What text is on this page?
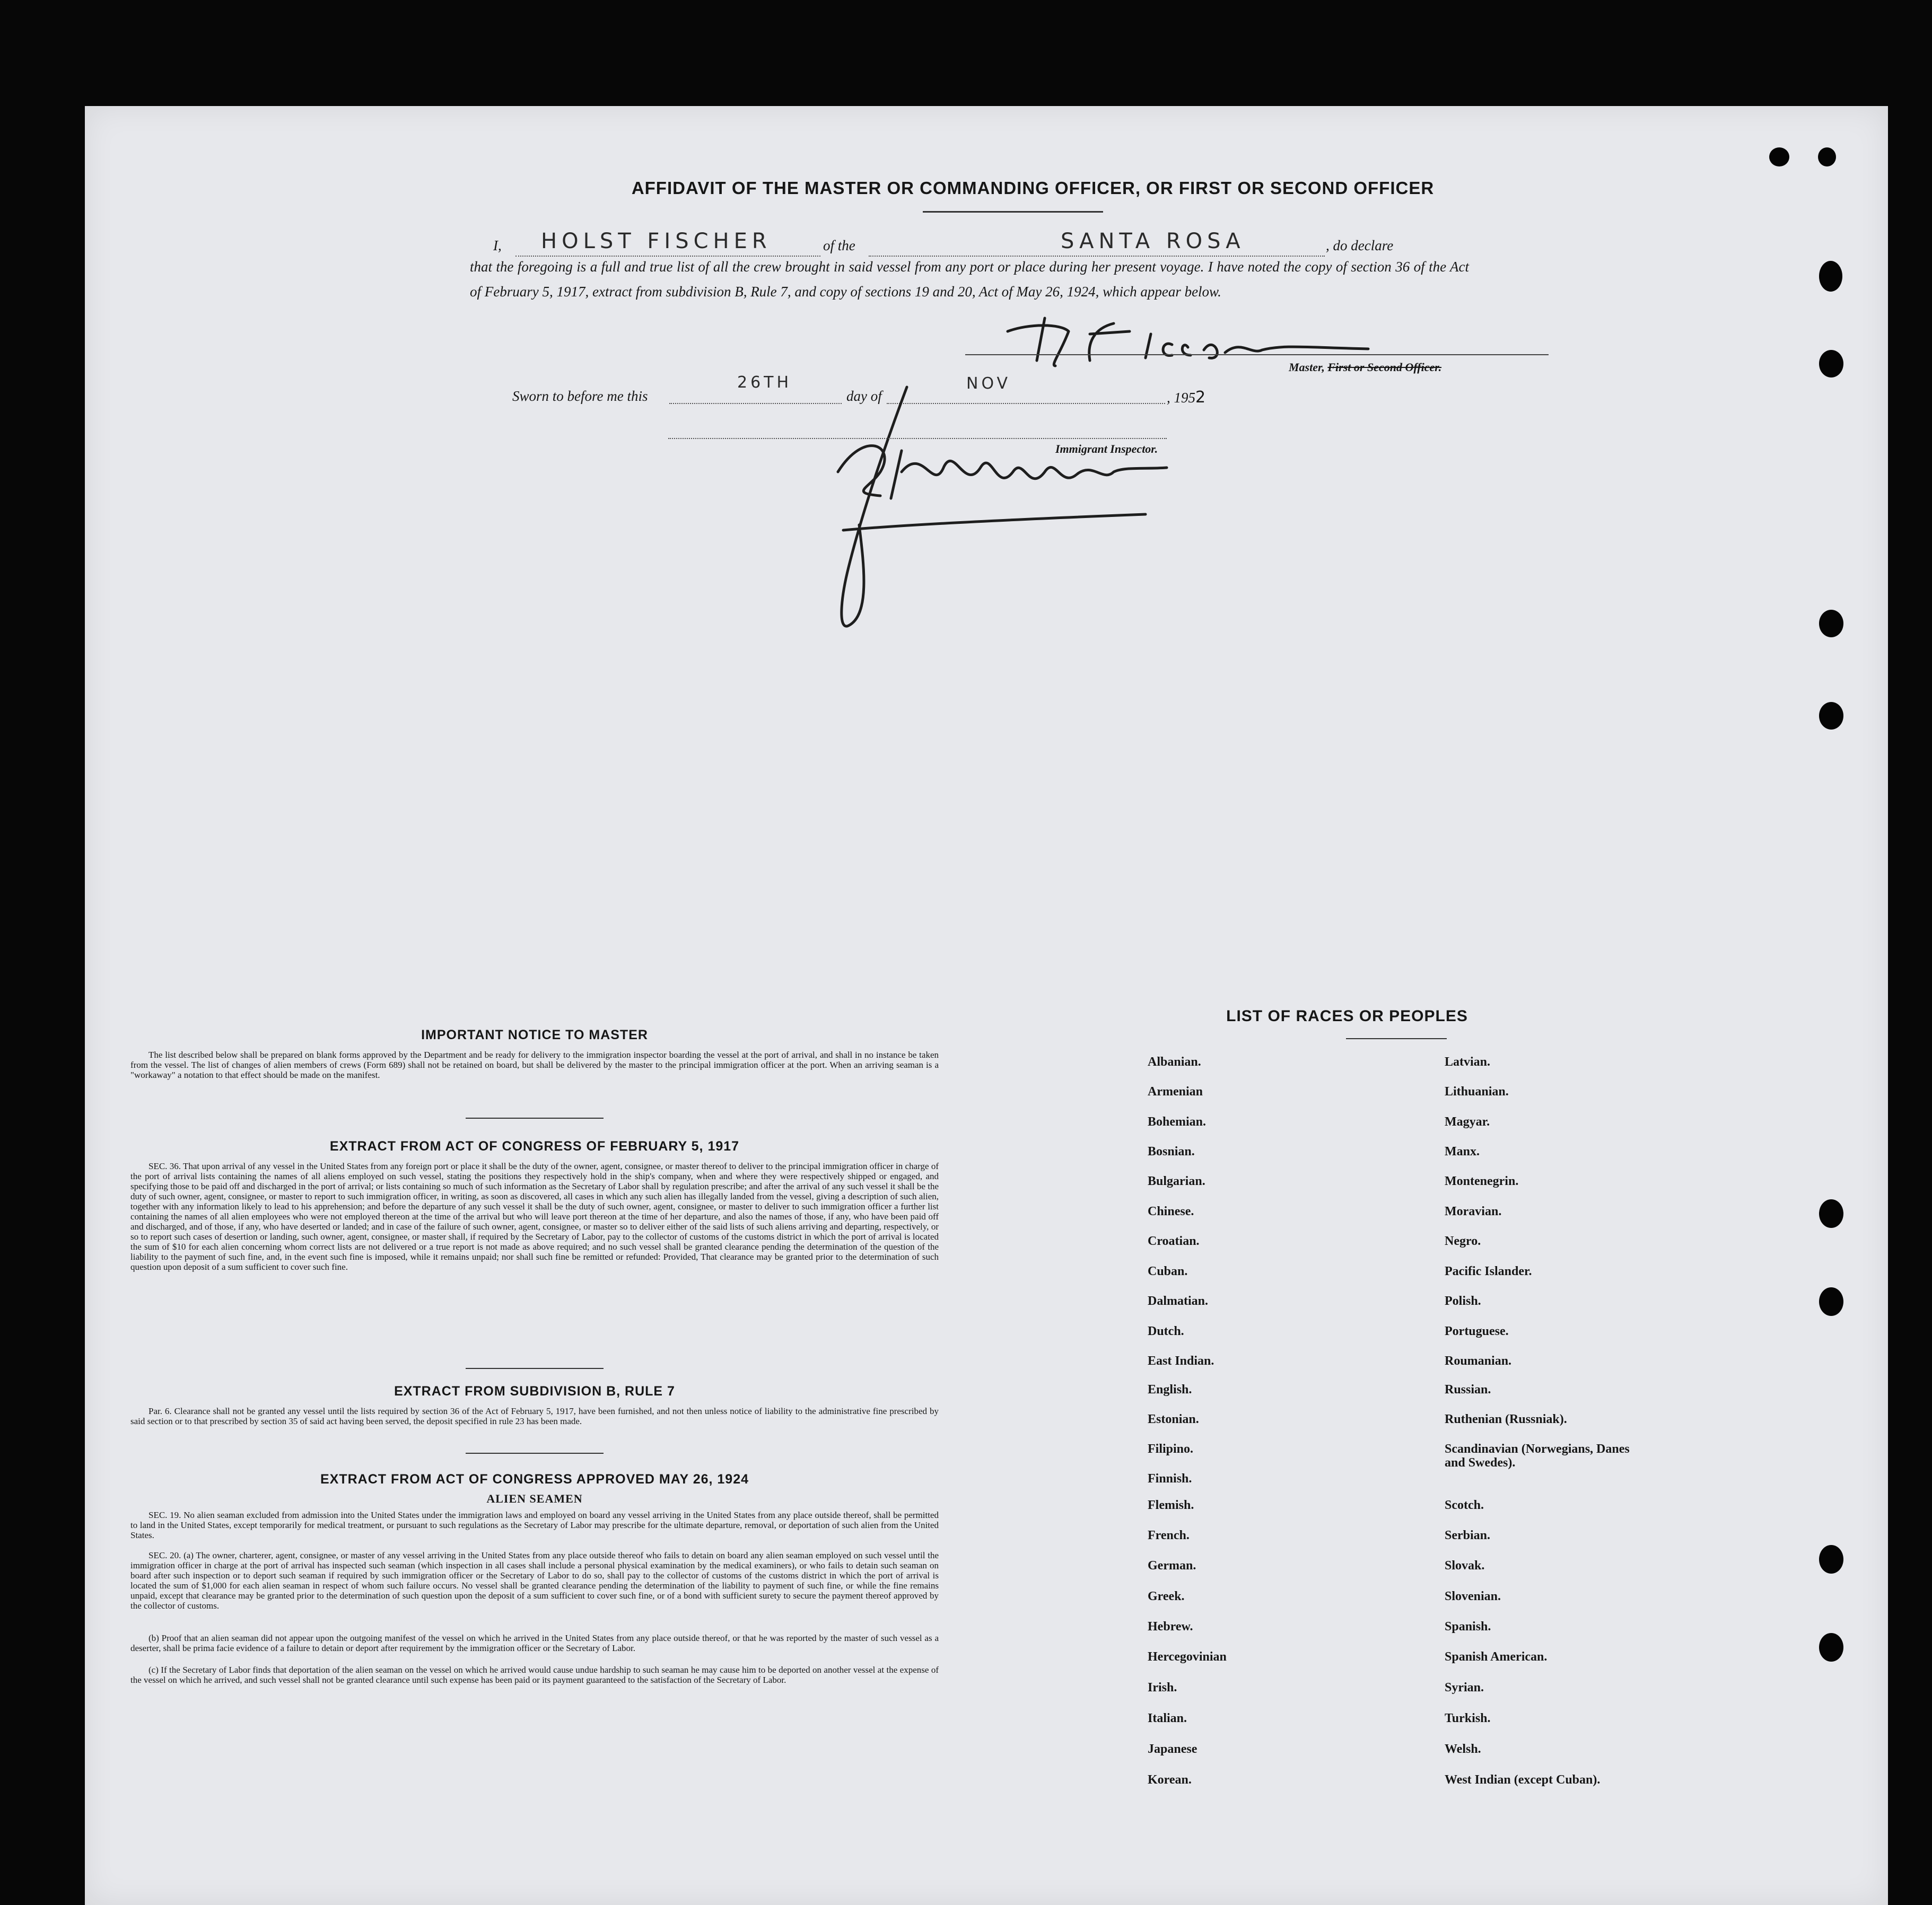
AFFIDAVIT OF THE MASTER OR COMMANDING OFFICER, OR FIRST OR SECOND OFFICER
I, HOLST FISCHER	of the	SANTA ROSA	, do declare
that the foregoing is a full and true list of all the crew brought in said vessel from any port or place during her present voyage. I have noted the copy of section 36 of the Act of February 5, 1917, extract from subdivision B, Rule 7, and copy of sections 19 and 20, Act of May 26, 1924, which appear below.
Master, First or Second Officer.
Sworn to before me this
26TH
day of
NOV
, 1952
Immigrant Inspector.
IMPORTANT NOTICE TO MASTER

The list described below shall be prepared on blank forms approved by the Department and be ready for delivery to the immigration inspector boarding the vessel at the port of arrival, and shall in no instance be taken from the vessel. The list of changes of alien members of crews (Form 689) shall not be retained on board, but shall be delivered by the master to the principal immigration officer at the port. When an arriving seaman is a "workaway" a notation to that effect should be made on the manifest.

EXTRACT FROM ACT OF CONGRESS OF FEBRUARY 5, 1917

SEC. 36. That upon arrival of any vessel in the United States from any foreign port or place it shall be the duty of the owner, agent, consignee, or master thereof to deliver to the principal immigration officer in charge of the port of arrival lists containing the names of all aliens employed on such vessel, stating the positions they respectively hold in the ship's company, when and where they were respectively shipped or engaged, and specifying those to be paid off and discharged in the port of arrival; or lists containing so much of such information as the Secretary of Labor shall by regulation prescribe; and after the arrival of any such vessel it shall be the duty of such owner, agent, consignee, or master to report to such immigration officer, in writing, as soon as discovered, all cases in which any such alien has illegally landed from the vessel, giving a description of such alien, together with any information likely to lead to his apprehension; and before the departure of any such vessel it shall be the duty of such owner, agent, consignee, or master to deliver to such immigration officer a further list containing the names of all alien employees who were not employed thereon at the time of the arrival but who will leave port thereon at the time of her departure, and also the names of those, if any, who have been paid off and discharged, and of those, if any, who have deserted or landed; and in case of the failure of such owner, agent, consignee, or master so to deliver either of the said lists of such aliens arriving and departing, respectively, or so to report such cases of desertion or landing, such owner, agent, consignee, or master shall, if required by the Secretary of Labor, pay to the collector of customs of the customs district in which the port of arrival is located the sum of $10 for each alien concerning whom correct lists are not delivered or a true report is not made as above required; and no such vessel shall be granted clearance pending the determination of the question of the liability to the payment of such fine, and, in the event such fine is imposed, while it remains unpaid; nor shall such fine be remitted or refunded: Provided, That clearance may be granted prior to the determination of such question upon deposit of a sum sufficient to cover such fine.

EXTRACT FROM SUBDIVISION B, RULE 7

Par. 6. Clearance shall not be granted any vessel until the lists required by section 36 of the Act of February 5, 1917, have been furnished, and not then unless notice of liability to the administrative fine prescribed by said section or to that prescribed by section 35 of said act having been served, the deposit specified in rule 23 has been made.

EXTRACT FROM ACT OF CONGRESS APPROVED MAY 26, 1924
ALIEN SEAMEN

SEC. 19. No alien seaman excluded from admission into the United States under the immigration laws and employed on board any vessel arriving in the United States from any place outside thereof, shall be permitted to land in the United States, except temporarily for medical treatment, or pursuant to such regulations as the Secretary of Labor may prescribe for the ultimate departure, removal, or deportation of such alien from the United States.

SEC. 20. (a) The owner, charterer, agent, consignee, or master of any vessel arriving in the United States from any place outside thereof who fails to detain on board any alien seaman employed on such vessel until the immigration officer in charge at the port of arrival has inspected such seaman (which inspection in all cases shall include a personal physical examination by the medical examiners), or who fails to detain such seaman on board after such inspection or to deport such seaman if required by such immigration officer or the Secretary of Labor to do so, shall pay to the collector of customs of the customs district in which the port of arrival is located the sum of $1,000 for each alien seaman in respect of whom such failure occurs. No vessel shall be granted clearance pending the determination of the liability to payment of such fine, or while the fine remains unpaid, except that clearance may be granted prior to the determination of such question upon the deposit of a sum sufficient to cover such fine, or of a bond with sufficient surety to secure the payment thereof approved by the collector of customs.

(b) Proof that an alien seaman did not appear upon the outgoing manifest of the vessel on which he arrived in the United States from any place outside thereof, or that he was reported by the master of such vessel as a deserter, shall be prima facie evidence of a failure to detain or deport after requirement by the immigration officer or the Secretary of Labor.

(c) If the Secretary of Labor finds that deportation of the alien seaman on the vessel on which he arrived would cause undue hardship to such seaman he may cause him to be deported on another vessel at the expense of the vessel on which he arrived, and such vessel shall not be granted clearance until such expense has been paid or its payment guaranteed to the satisfaction of the Secretary of Labor.

LIST OF RACES OR PEOPLES
Albanian.
Armenian
Bohemian.
Bosnian.
Bulgarian.
Chinese.
Croatian.
Cuban.
Dalmatian.
Dutch.
East Indian.
English.
Estonian.
Filipino.
Finnish.
Flemish.
French.
German.
Greek.
Hebrew.
Hercegovinian
Irish.
Italian.
Japanese
Korean.
Latvian.
Lithuanian.
Magyar.
Manx.
Montenegrin.
Moravian.
Negro.
Pacific Islander.
Polish.
Portuguese.
Roumanian.
Russian.
Ruthenian (Russniak).
Scandinavian (Norwegians, Danes and Swedes).
Scotch.
Serbian.
Slovak.
Slovenian.
Spanish.
Spanish American.
Syrian.
Turkish.
Welsh.
West Indian (except Cuban).
